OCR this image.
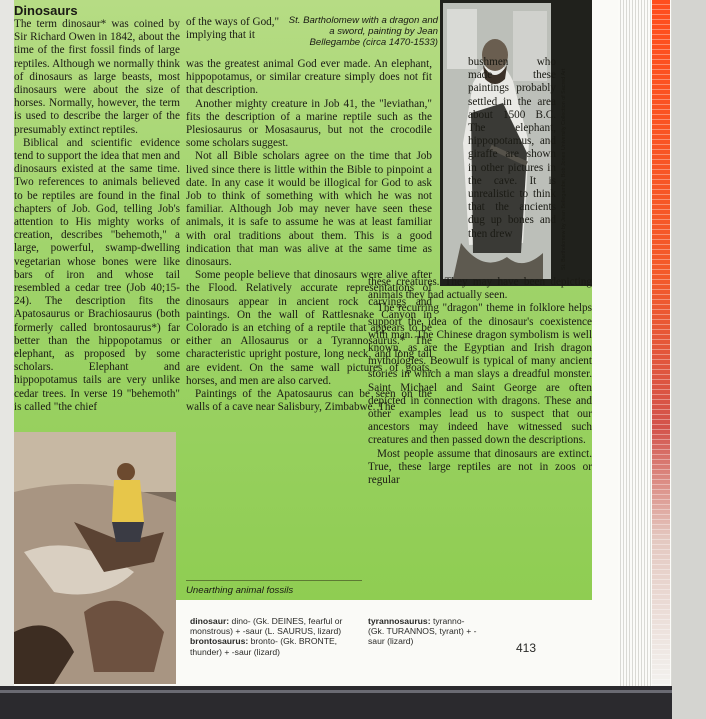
Dinosaurs

The term dinosaur* was coined by Sir Richard Owen in 1842, about the time of the first fossil finds of large reptiles. Although we normally think of dinosaurs as large beasts, most dinosaurs were about the size of horses. Normally, however, the term is used to describe the larger of the presumably extinct reptiles.

Biblical and scientific evidence tend to support the idea that men and dinosaurs existed at the same time. Two references to animals believed to be reptiles are found in the final chapters of Job. God, telling Job's attention to His mighty works of creation, describes "behemoth," a large, powerful, swamp-dwelling vegetarian whose bones were like bars of iron and whose tail resembled a cedar tree (Job 40;15-24). The description fits the Apatosaurus or Brachiosaurus (both formerly called brontosaurus*) far better than the hippopotamus or elephant, as proposed by some scholars. Elephant and hippopotamus tails are very unlike cedar trees. In verse 19 "behemoth" is called "the chief

of the ways of God," implying that it
St. Bartholomew with a dragon and a sword, painting by Jean Bellegambe (circa 1470-1533)

was the greatest animal God ever made. An elephant, hippopotamus, or similar creature simply does not fit that description.

Another mighty creature in Job 41, the "leviathan," fits the description of a marine reptile such as the Plesiosaurus or Mosasaurus, but not the crocodile some scholars suggest.

Not all Bible scholars agree on the time that Job lived since there is little within the Bible to pinpoint a date. In any case it would be illogical for God to ask Job to think of something with which he was not familiar. Although Job may never have seen these animals, it is safe to assume he was at least familiar with oral traditions about them. This is a good indication that man was alive at the same time as dinosaurs.

Some people believe that dinosaurs were alive after the Flood. Relatively accurate representations of dinosaurs appear in ancient rock carvings and paintings. On the wall of Rattlesnake Canyon in Colorado is an etching of a reptile that appears to be either an Allosaurus or a Tyrannosaurus.* The characteristic upright posture, long neck, and long tail are evident. On the same wall pictures of goats, horses, and men are also carved.

Paintings of the Apatosaurus can be seen on the walls of a cave near Salisbury, Zimbabwe. The

St. Bartholomew by Jean Bellegambe, Bob Jones University Collection of Sacred Art

bushmen who made these paintings probably settled in the area about 1500 B.C. The elephant, hippopotamus, and giraffe are shown in other pictures in the cave. It is unrealistic to think that the ancients dug up bones and then drew

these creatures. They may have been depicting animals they had actually seen.

The recurring "dragon" theme in folklore helps support the idea of the dinosaur's coexistence with man. The Chinese dragon symbolism is well known, as are the Egyptian and Irish dragon mythologies. Beowulf is typical of many ancient stories in which a man slays a dreadful monster. Saint Michael and Saint George are often depicted in connection with dragons. These and other examples lead us to suspect that our ancestors may indeed have witnessed such creatures and then passed down the descriptions.

Most people assume that dinosaurs are extinct. True, these large reptiles are not in zoos or regular

Unearthing animal fossils
dinosaur: dino- (Gk. DEINES, fearful or monstrous) + -saur (L. SAURUS, lizard)
brontosaurus: bronto- (Gk. BRONTE, thunder) + -saur (lizard)
tyrannosaurus: tyranno- (Gk. TURANNOS, tyrant) + -saur (lizard)	413
